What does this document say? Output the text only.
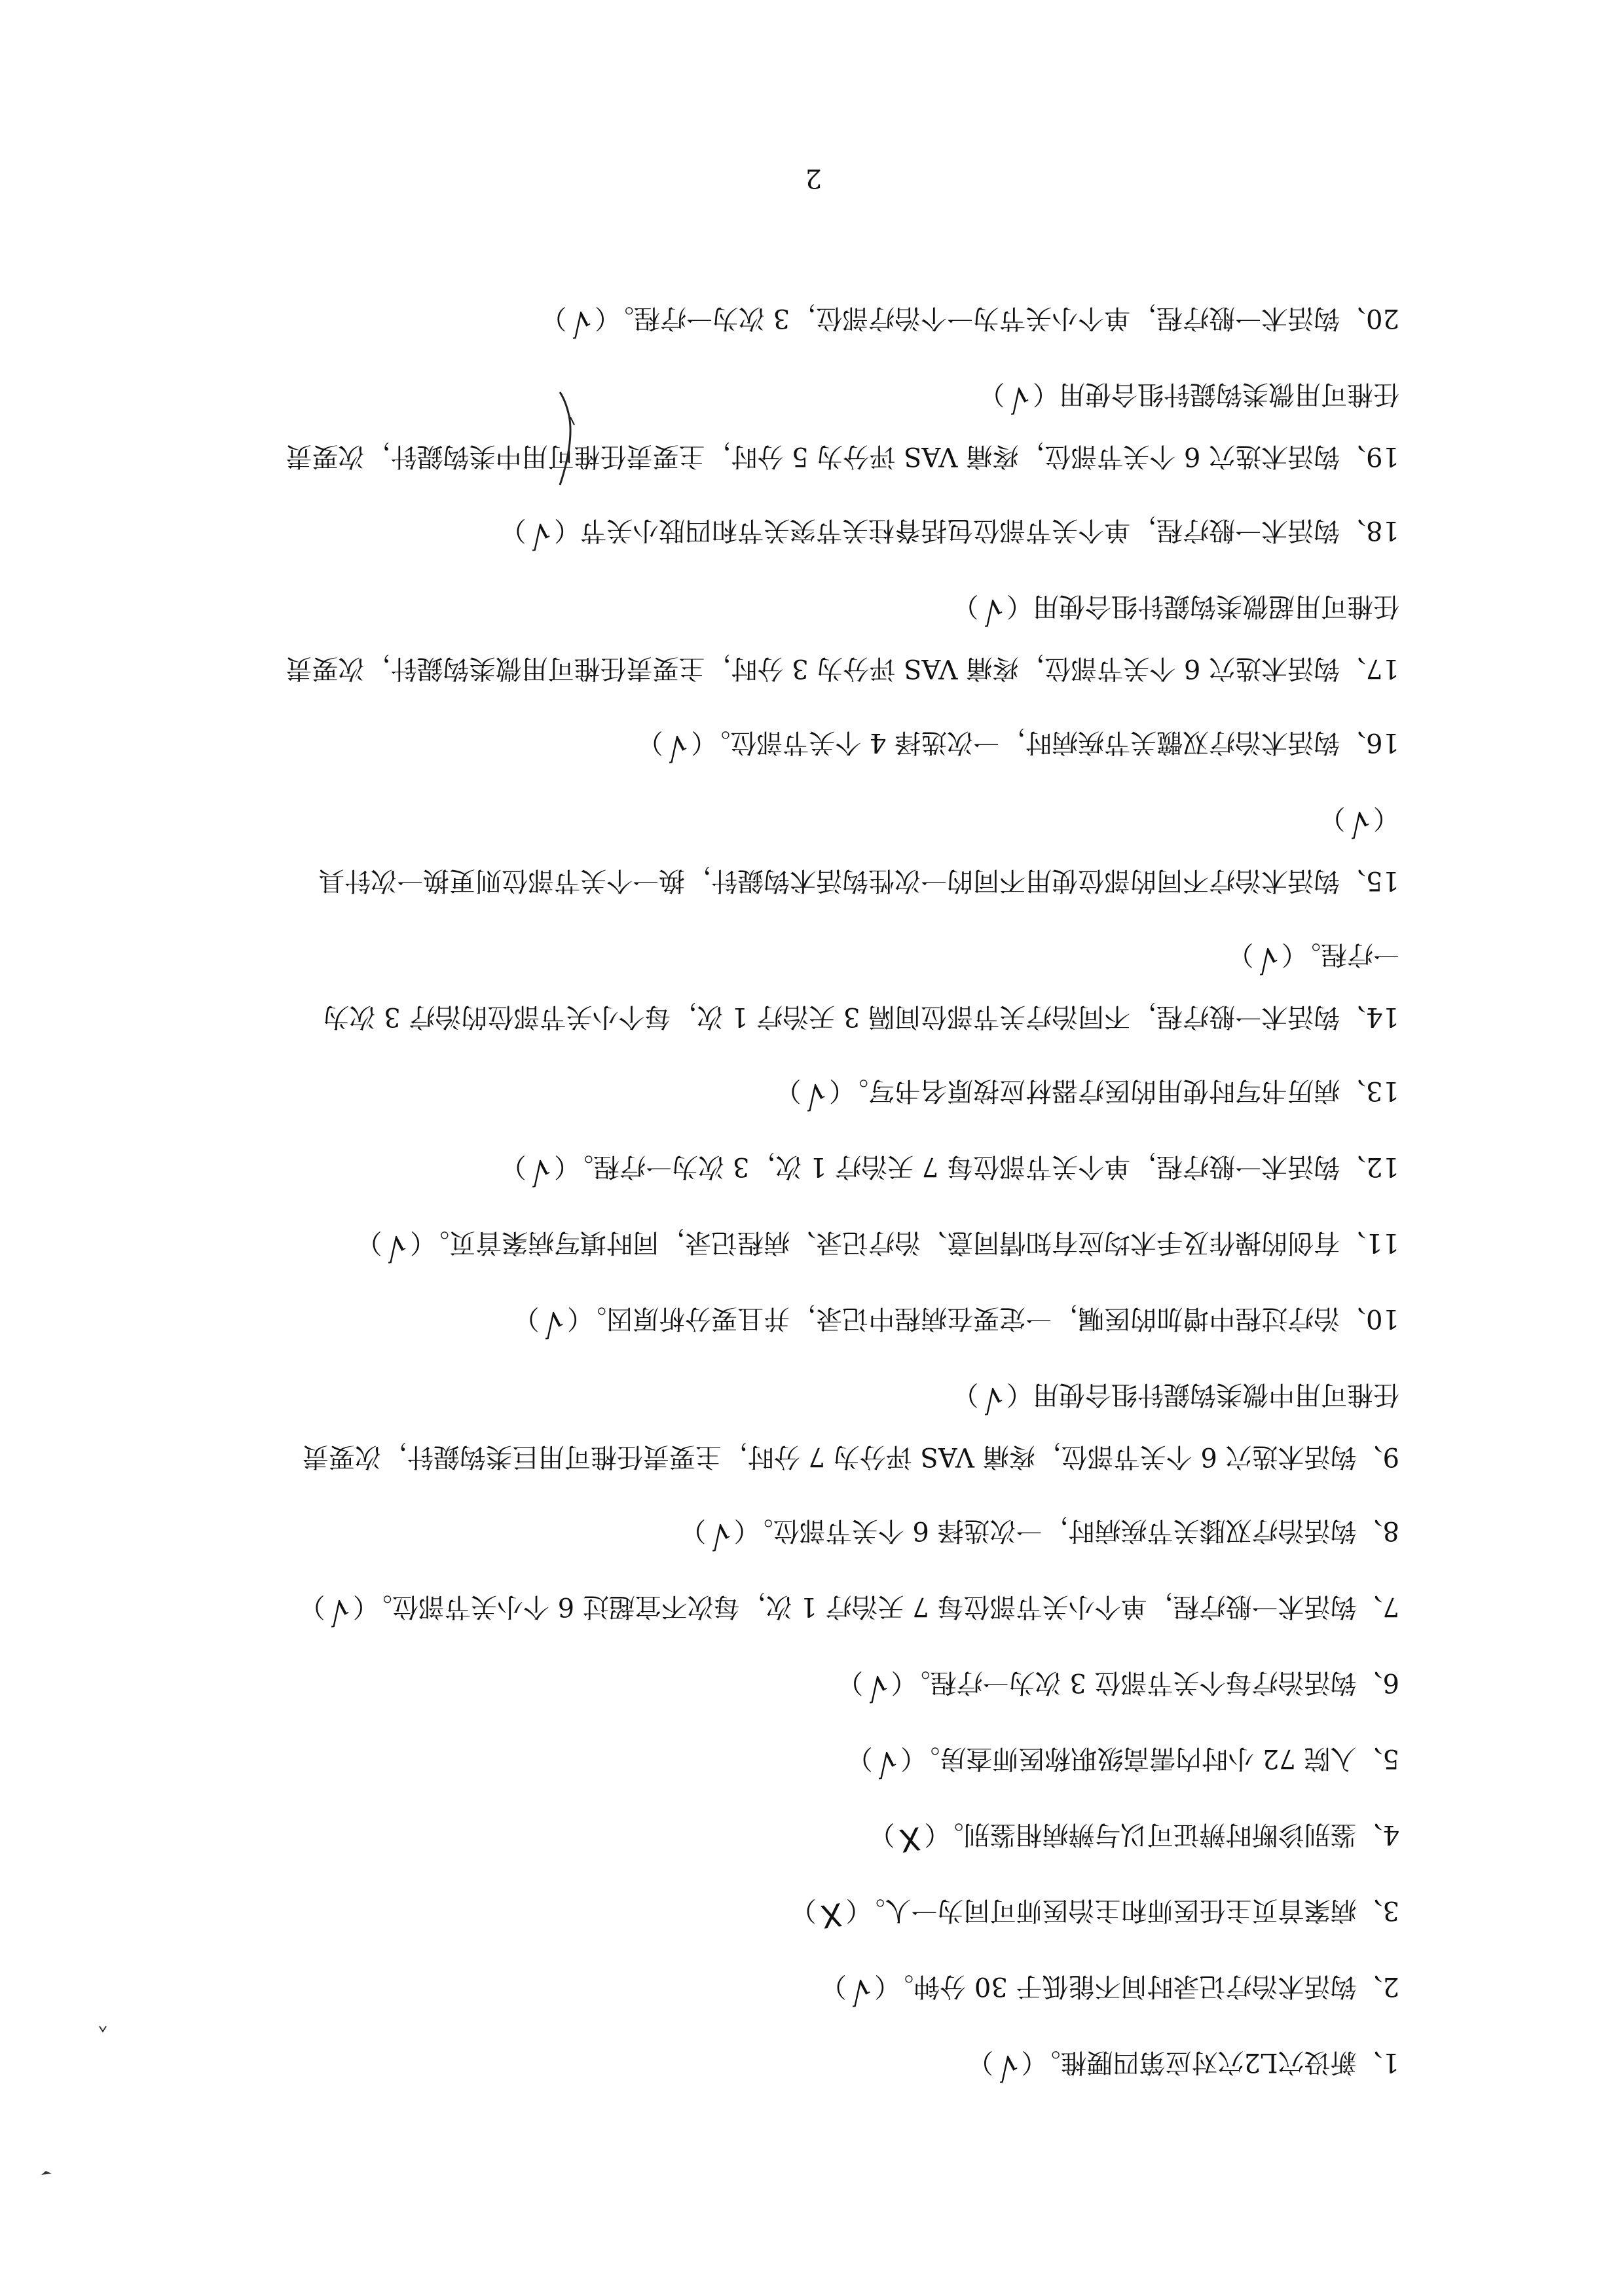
1、新设穴L2穴对应第四腰椎。（√）
2、钩活术治疗记录时间不能低于 30 分钟。（√）
3、病案首页主任医师和主治医师可同为一人。（X）
4、鉴别诊断时辨证可以与辨病相鉴别。（X）
5、入院 72 小时内需高级职称医师查房。（√）
6、钩活治疗每个关节部位 3 次为一疗程。（√）
7、钩活术一般疗程，单个小关节部位每 7 天治疗 1 次，每次不宜超过 6 个小关节部位。（√）
8、钩活治疗双膝关节疾病时，一次选择 6 个关节部位。（√）
9、钩活术选穴 6 个关节部位，疼痛 VAS 评分为 7 分时，主要责任椎可用巨类钩鍉针，次要责
任椎可用中微类钩鍉针组合使用（√）
10、治疗过程中增加的医嘱，一定要在病程中记录，并且要分析原因。（√）
11、有创的操作及手术均应有知情同意、治疗记录、病程记录，同时填写病案首页。（√）
12、钩活术一般疗程，单个关节部位每 7 天治疗 1 次，3 次为一疗程。（√）
13、病历书写时使用的医疗器材应按原名书写。（√）
14、钩活术一般疗程，不同治疗关节部位间隔 3 天治疗 1 次，每个小关节部位的治疗 3 次为
一疗程。（√）
15、钩活术治疗不同的部位使用不同的一次性钩活术钩鍉针，换一个关节部位则更换一次针具
（√）
16、钩活术治疗双髋关节疾病时，一次选择 4 个关节部位。（√）
17、钩活术选穴 6 个关节部位，疼痛 VAS 评分为 3 分时，主要责任椎可用微类钩鍉针，次要责
任椎可用超微类钩鍉针组合使用（√）
18、钩活术一般疗程，单个关节部位包括脊柱关节突关节和四肢小关节（√）
19、钩活术选穴 6 个关节部位，疼痛 VAS 评分为 5 分时，主要责任椎可用中类钩鍉针，次要责
任椎可用微类钩鍉针组合使用（√）
20、钩活术一般疗程，单个小关节为一个治疗部位，3 次为一疗程。（√）
2
